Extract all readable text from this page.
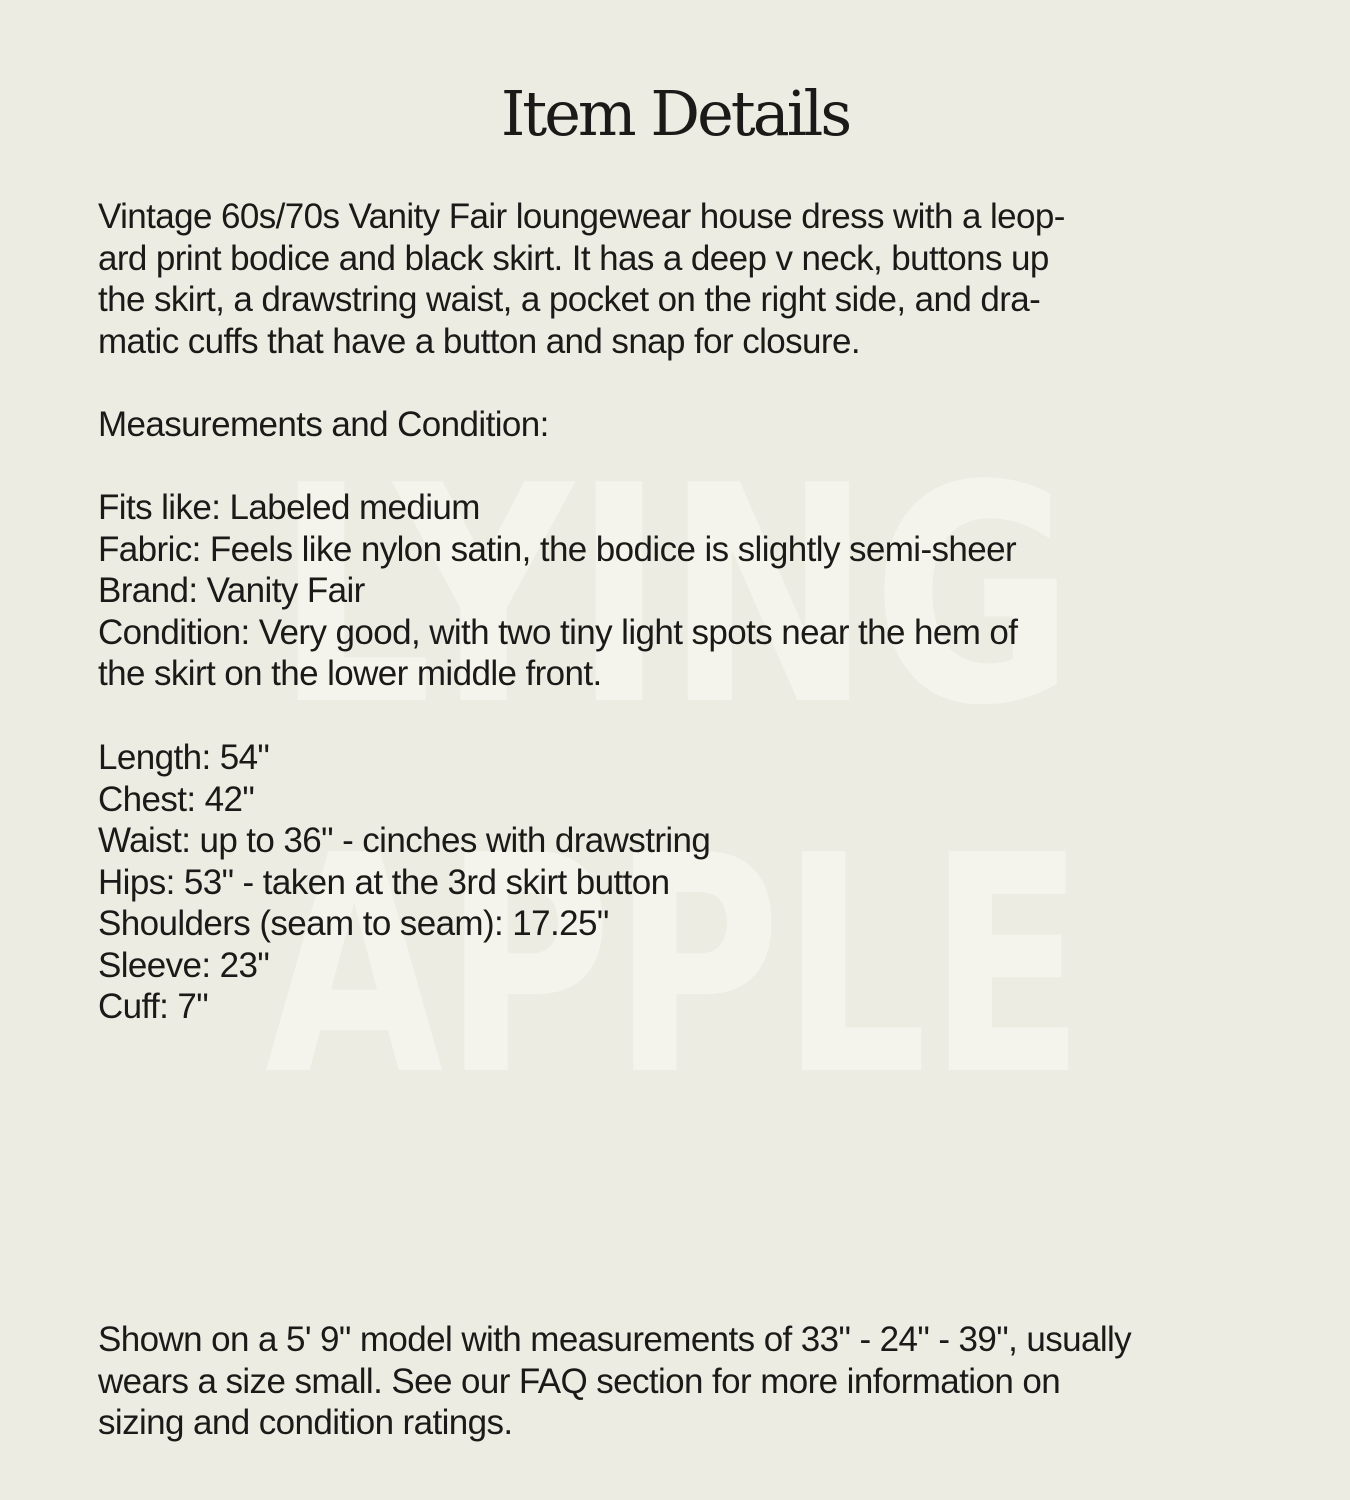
LYING
APPLE
Item Details
Vintage 60s/70s Vanity Fair loungewear house dress with a leop-
ard print bodice and black skirt. It has a deep v neck, buttons up
the skirt, a drawstring waist, a pocket on the right side, and dra-
matic cuffs that have a button and snap for closure.
Measurements and Condition:
Fits like: Labeled medium
Fabric: Feels like nylon satin, the bodice is slightly semi-sheer
Brand: Vanity Fair
Condition: Very good, with two tiny light spots near the hem of
the skirt on the lower middle front.
Length: 54"
Chest: 42"
Waist: up to 36" - cinches with drawstring
Hips: 53" - taken at the 3rd skirt button
Shoulders (seam to seam): 17.25"
Sleeve: 23"
Cuff: 7"
Shown on a 5' 9" model with measurements of 33" - 24" - 39", usually
wears a size small. See our FAQ section for more information on
sizing and condition ratings.
